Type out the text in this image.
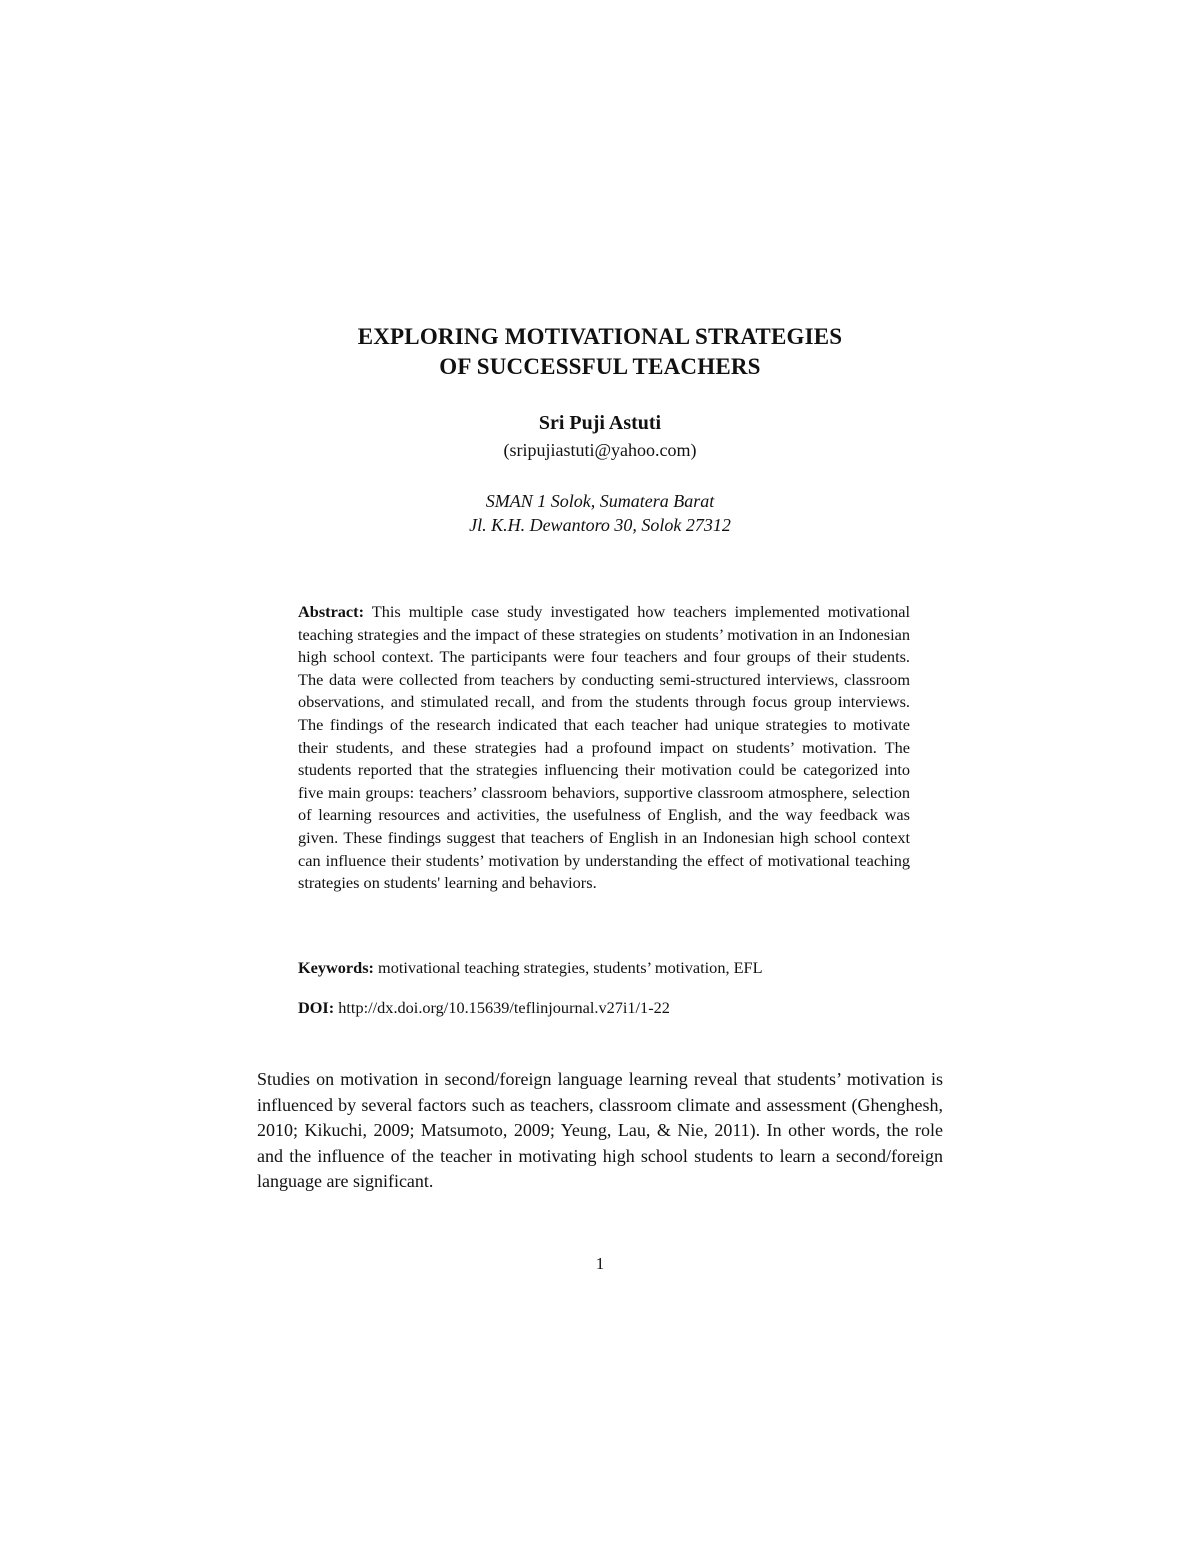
EXPLORING MOTIVATIONAL STRATEGIES
OF SUCCESSFUL TEACHERS
Sri Puji Astuti
(sripujiastuti@yahoo.com)
SMAN 1 Solok, Sumatera Barat
Jl. K.H. Dewantoro 30, Solok 27312
Abstract: This multiple case study investigated how teachers implemented motivational teaching strategies and the impact of these strategies on students’ motivation in an Indonesian high school context. The participants were four teachers and four groups of their students. The data were collected from teachers by conducting semi-structured interviews, classroom observations, and stimulated recall, and from the students through focus group interviews. The findings of the research indicated that each teacher had unique strategies to motivate their students, and these strategies had a profound impact on students’ motivation. The students reported that the strategies influencing their motivation could be categorized into five main groups: teachers’ classroom behaviors, supportive classroom atmosphere, selection of learning resources and activities, the usefulness of English, and the way feedback was given. These findings suggest that teachers of English in an Indonesian high school context can influence their students’ motivation by understanding the effect of motivational teaching strategies on students' learning and behaviors.
Keywords: motivational teaching strategies, students’ motivation, EFL
DOI: http://dx.doi.org/10.15639/teflinjournal.v27i1/1-22
Studies on motivation in second/foreign language learning reveal that students’ motivation is influenced by several factors such as teachers, classroom climate and assessment (Ghenghesh, 2010; Kikuchi, 2009; Matsumoto, 2009; Yeung, Lau, & Nie, 2011). In other words, the role and the influence of the teacher in motivating high school students to learn a second/foreign language are significant.
1
